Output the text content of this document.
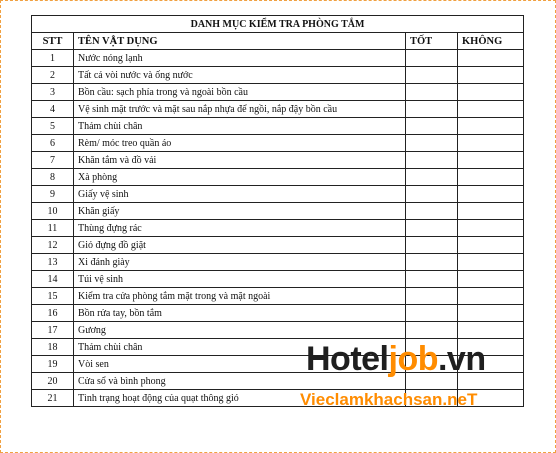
DANH MỤC KIỂM TRA PHÒNG TẮM			
STT	TÊN VẬT DỤNG	TỐT	KHÔNG
1	Nước nóng lạnh		
2	Tất cả vòi nước và ống nước		
3	Bồn cầu: sạch phía trong và ngoài bồn cầu		
4	Vệ sinh mặt trước và mặt sau nắp nhựa để ngồi, nắp đậy bồn cầu		
5	Thảm chùi chân		
6	Rèm/ móc treo quần áo		
7	Khăn tắm và đồ vải		
8	Xà phòng		
9	Giấy vệ sinh		
10	Khăn giấy		
11	Thùng đựng rác		
12	Giỏ đựng đồ giặt		
13	Xi đánh giày		
14	Túi vệ sinh		
15	Kiểm tra cửa phòng tắm mặt trong và mặt ngoài		
16	Bồn rửa tay, bồn tắm		
17	Gương		
18	Thảm chùi chân		
19	Vòi sen		
20	Cửa sổ và bình phong		
21	Tình trạng hoạt động của quạt thông gió		
Hoteljob.vn
Vieclamkhachsan.neT
